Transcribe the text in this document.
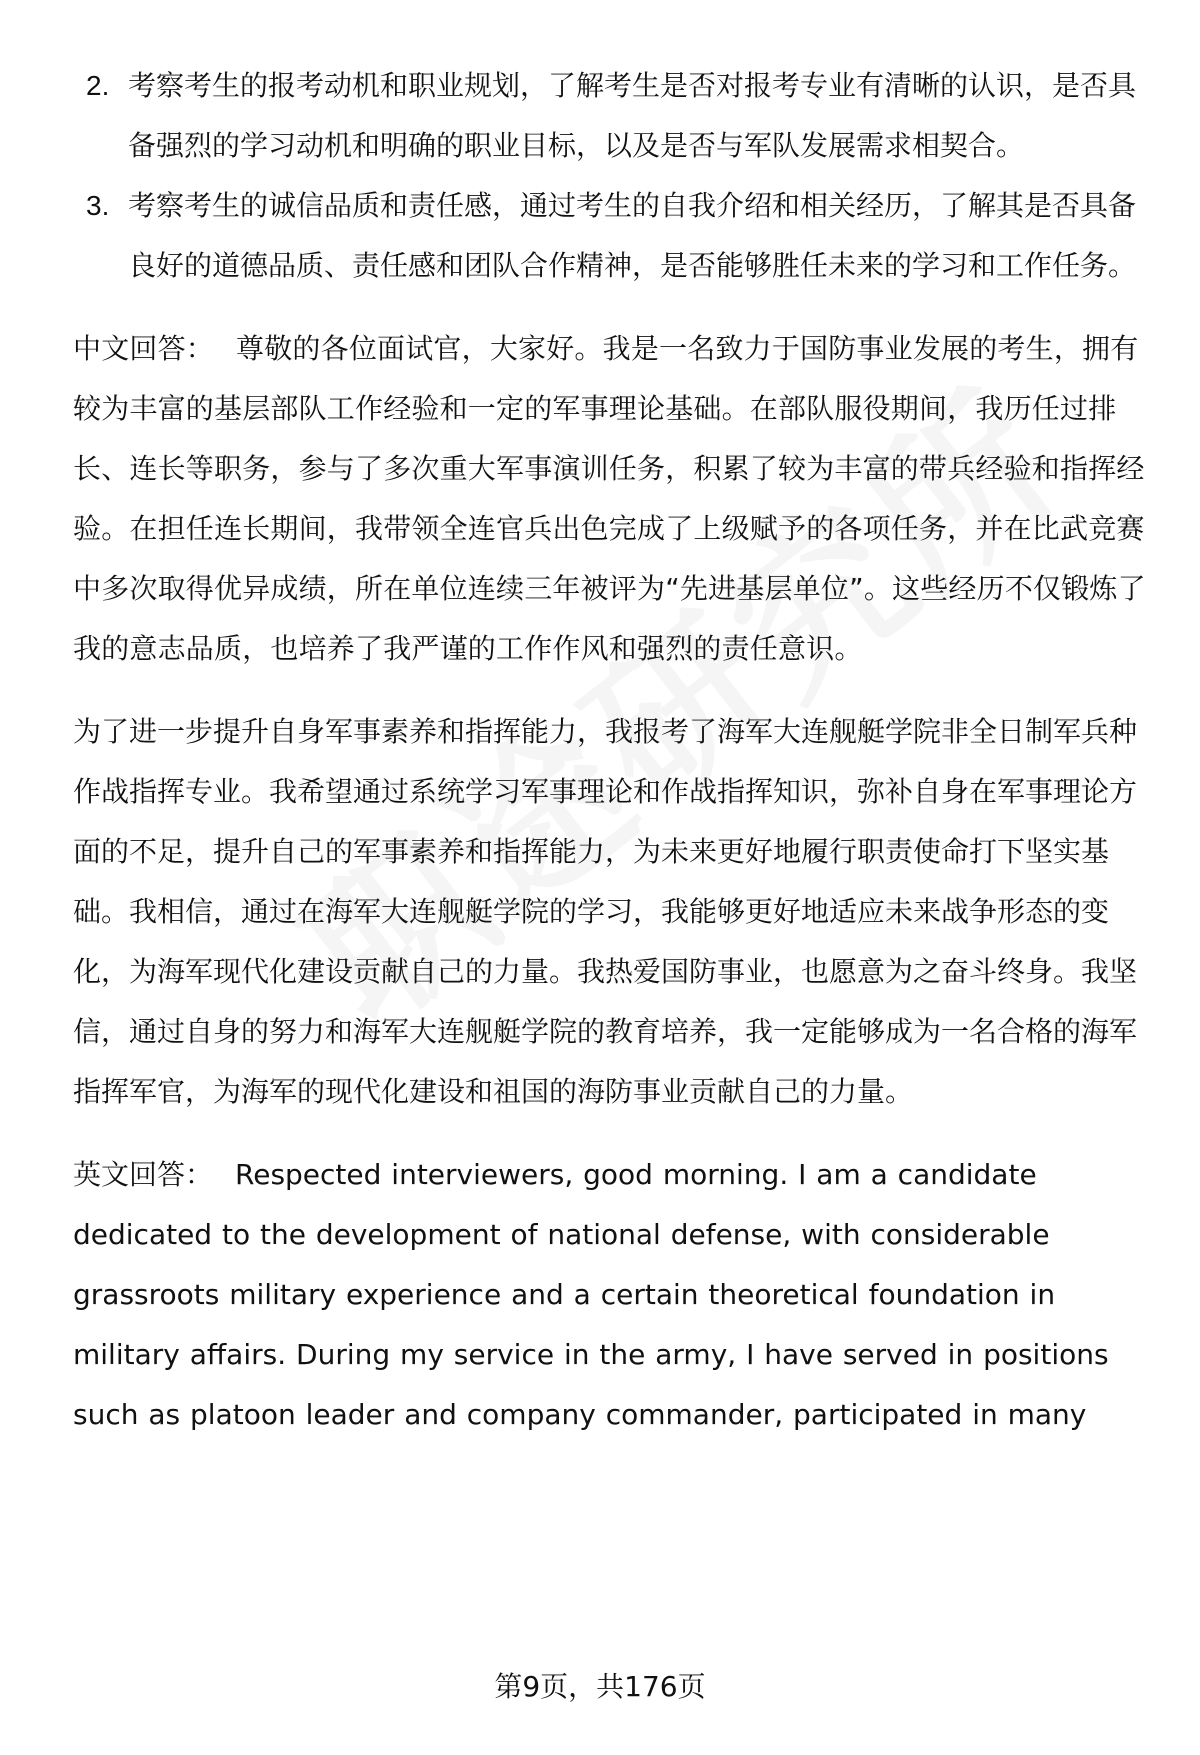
2. 考察考生的报考动机和职业规划，了解考生是否对报考专业有清晰的认识，是否具备强烈的学习动机和明确的职业目标，以及是否与军队发展需求相契合。
3. 考察考生的诚信品质和责任感，通过考生的自我介绍和相关经历，了解其是否具备良好的道德品质、责任感和团队合作精神，是否能够胜任未来的学习和工作任务。

中文回答： 尊敬的各位面试官，大家好。我是一名致力于国防事业发展的考生，拥有较为丰富的基层部队工作经验和一定的军事理论基础。在部队服役期间，我历任过排长、连长等职务，参与了多次重大军事演训任务，积累了较为丰富的带兵经验和指挥经验。在担任连长期间，我带领全连官兵出色完成了上级赋予的各项任务，并在比武竞赛中多次取得优异成绩，所在单位连续三年被评为“先进基层单位”。这些经历不仅锻炼了我的意志品质，也培养了我严谨的工作作风和强烈的责任意识。

为了进一步提升自身军事素养和指挥能力，我报考了海军大连舰艇学院非全日制军兵种作战指挥专业。我希望通过系统学习军事理论和作战指挥知识，弥补自身在军事理论方面的不足，提升自己的军事素养和指挥能力，为未来更好地履行职责使命打下坚实基础。我相信，通过在海军大连舰艇学院的学习，我能够更好地适应未来战争形态的变化，为海军现代化建设贡献自己的力量。我热爱国防事业，也愿意为之奋斗终身。我坚信，通过自身的努力和海军大连舰艇学院的教育培养，我一定能够成为一名合格的海军指挥军官，为海军的现代化建设和祖国的海防事业贡献自己的力量。

英文回答： Respected interviewers, good morning. I am a candidate dedicated to the development of national defense, with considerable grassroots military experience and a certain theoretical foundation in military affairs. During my service in the army, I have served in positions such as platoon leader and company commander, participated in many

第9页，共176页
